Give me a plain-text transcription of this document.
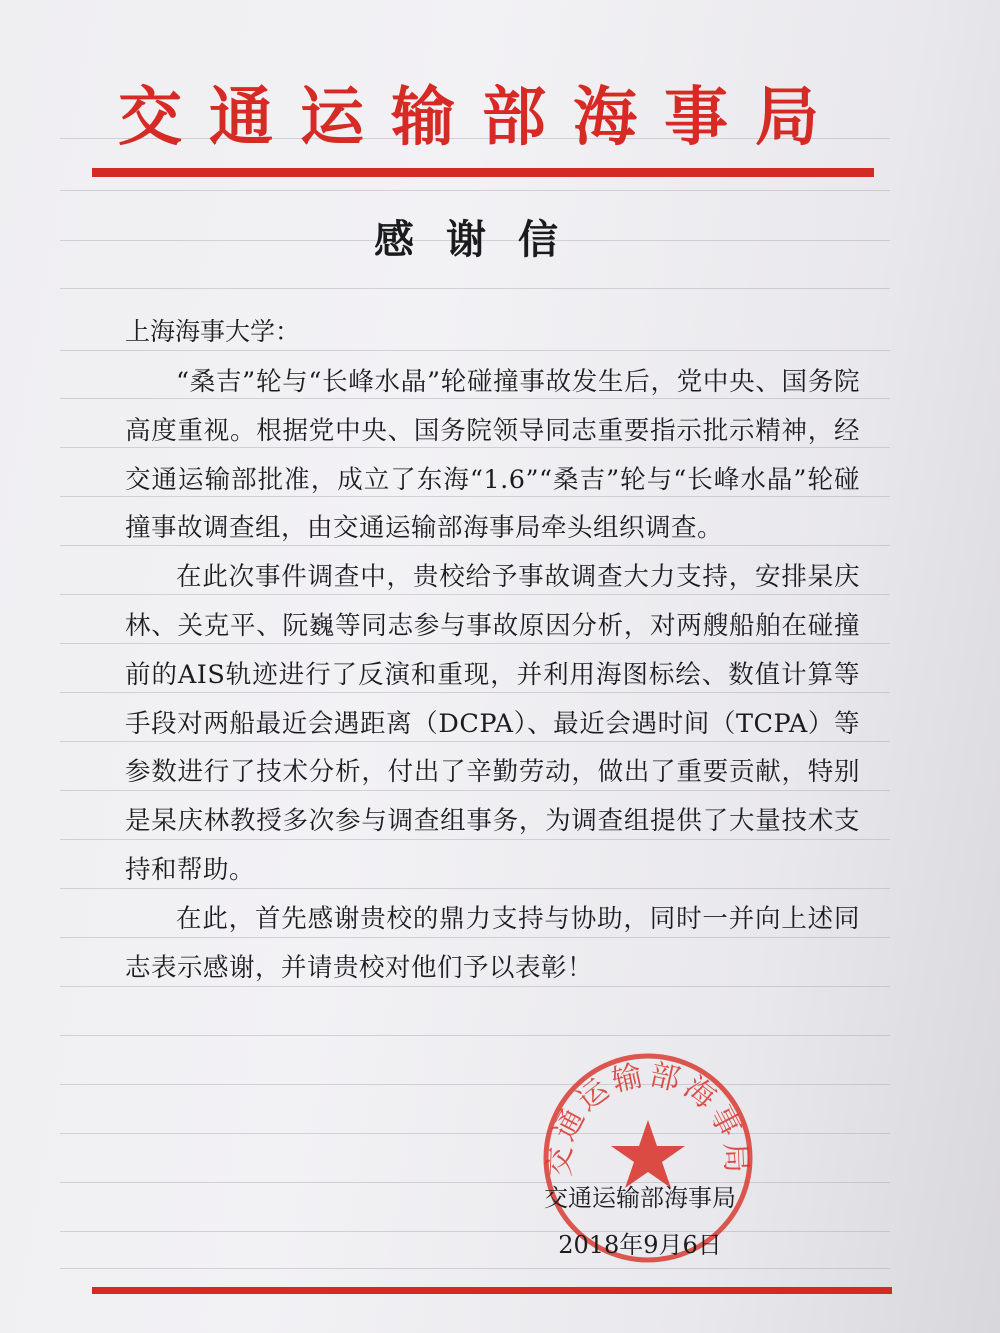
交通运输部海事局
感谢信
上海海事大学：

“桑吉”轮与“长峰水晶”轮碰撞事故发生后，党中央、国务院高度重视。根据党中央、国务院领导同志重要指示批示精神，经交通运输部批准，成立了东海“1.6”“桑吉”轮与“长峰水晶”轮碰撞事故调查组，由交通运输部海事局牵头组织调查。

在此次事件调查中，贵校给予事故调查大力支持，安排杲庆林、关克平、阮巍等同志参与事故原因分析，对两艘船舶在碰撞前的AIS轨迹进行了反演和重现，并利用海图标绘、数值计算等手段对两船最近会遇距离（DCPA）、最近会遇时间（TCPA）等参数进行了技术分析，付出了辛勤劳动，做出了重要贡献，特别是杲庆林教授多次参与调查组事务，为调查组提供了大量技术支持和帮助。

在此，首先感谢贵校的鼎力支持与协助，同时一并向上述同志表示感谢，并请贵校对他们予以表彰！

交通运输部海事局
交通运输部海事局
2018年9月6日
